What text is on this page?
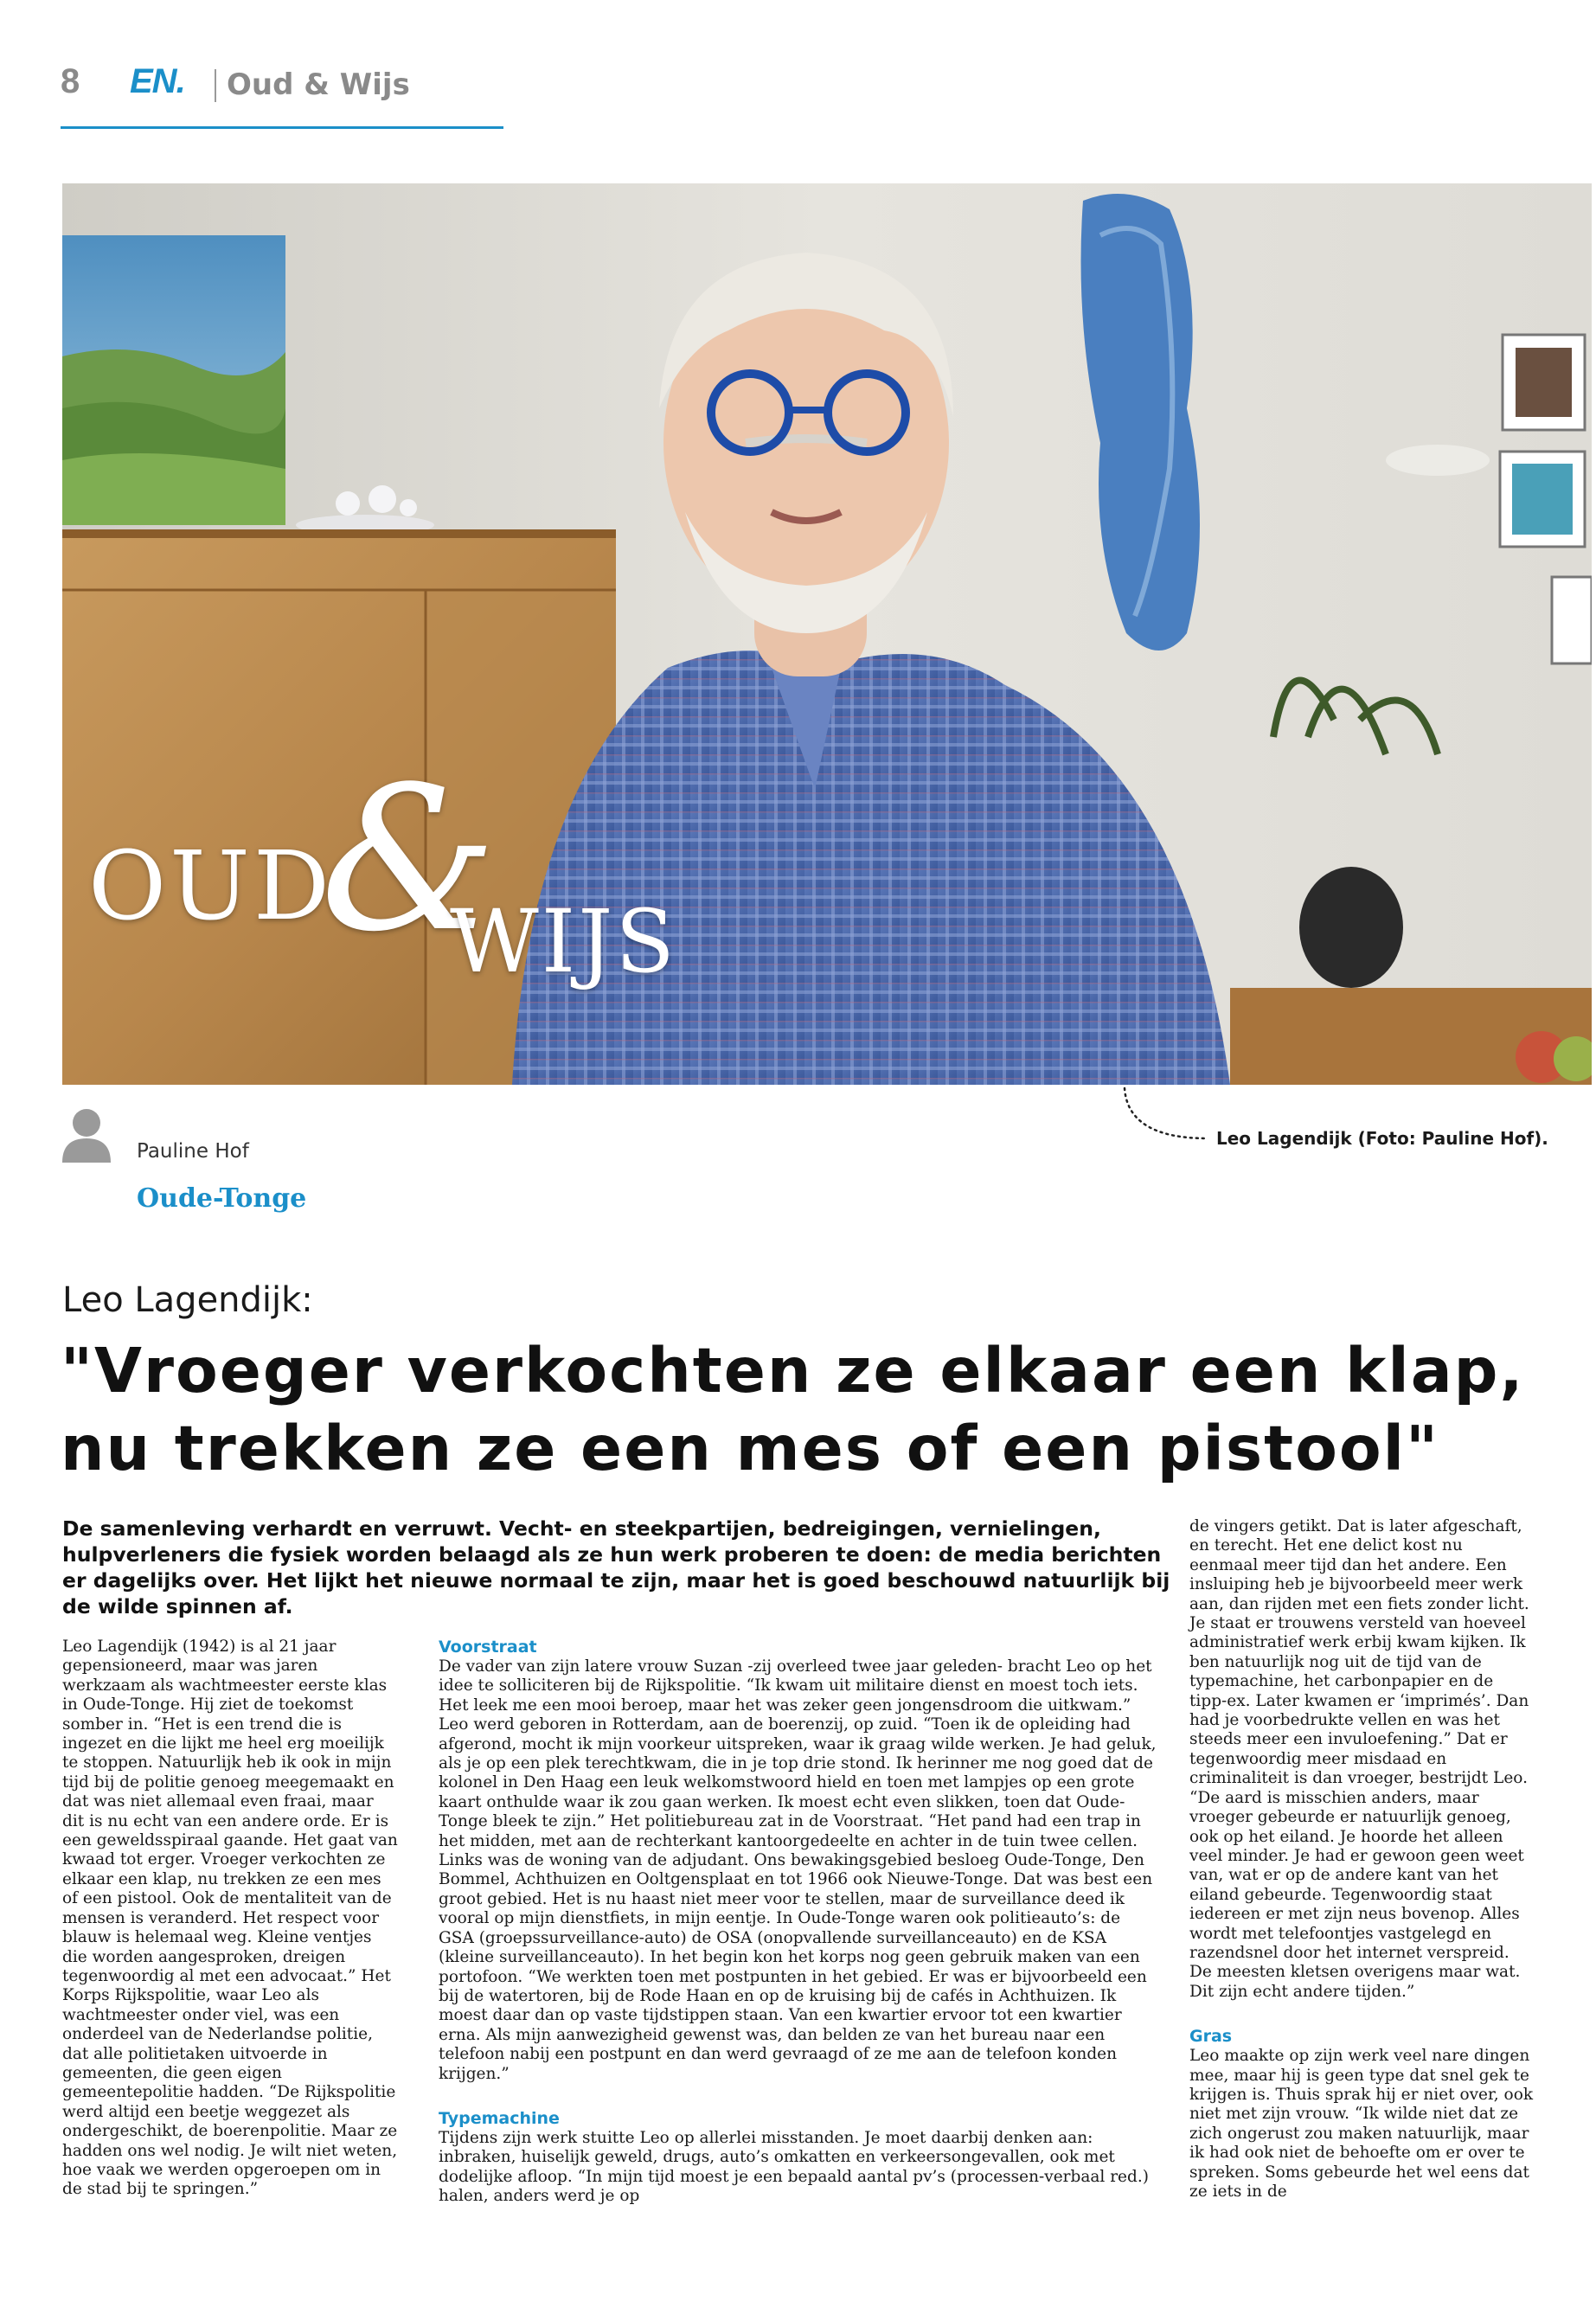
8 EN. Oud & Wijs
OUD
&
WIJS
Pauline Hof
Oude-Tonge
Leo Lagendijk (Foto: Pauline Hof).
Leo Lagendijk:
"Vroeger verkochten ze elkaar een klap,
nu trekken ze een mes of een pistool"
De samenleving verhardt en verruwt. Vecht- en steekpartijen, bedreigingen, vernielingen, hulpverleners die fysiek worden belaagd als ze hun werk proberen te doen: de media berichten er dagelijks over. Het lijkt het nieuwe normaal te zijn, maar het is goed beschouwd natuurlijk bij de wilde spinnen af.

Leo Lagendijk (1942) is al 21 jaar gepensioneerd, maar was jaren werkzaam als wachtmeester eerste klas in Oude-Tonge. Hij ziet de toekomst somber in. “Het is een trend die is ingezet en die lijkt me heel erg moeilijk te stoppen. Natuurlijk heb ik ook in mijn tijd bij de politie genoeg meegemaakt en dat was niet allemaal even fraai, maar dit is nu echt van een andere orde. Er is een geweldsspiraal gaande. Het gaat van kwaad tot erger. Vroeger verkochten ze elkaar een klap, nu trekken ze een mes of een pistool. Ook de mentaliteit van de mensen is veranderd. Het respect voor blauw is helemaal weg. Kleine ventjes die worden aangesproken, dreigen tegenwoordig al met een advocaat.” Het Korps Rijkspolitie, waar Leo als wachtmeester onder viel, was een onderdeel van de Nederlandse politie, dat alle politietaken uitvoerde in gemeenten, die geen eigen gemeentepolitie hadden. “De Rijkspolitie werd altijd een beetje weggezet als ondergeschikt, de boerenpolitie. Maar ze hadden ons wel nodig. Je wilt niet weten, hoe vaak we werden opgeroepen om in de stad bij te springen.”

Voorstraat

De vader van zijn latere vrouw Suzan -zij overleed twee jaar geleden- bracht Leo op het idee te solliciteren bij de Rijkspolitie. “Ik kwam uit militaire dienst en moest toch iets. Het leek me een mooi beroep, maar het was zeker geen jongensdroom die uitkwam.” Leo werd geboren in Rotterdam, aan de boerenzij, op zuid. “Toen ik de opleiding had afgerond, mocht ik mijn voorkeur uitspreken, waar ik graag wilde werken. Je had geluk, als je op een plek terechtkwam, die in je top drie stond. Ik herinner me nog goed dat de kolonel in Den Haag een leuk welkomstwoord hield en toen met lampjes op een grote kaart onthulde waar ik zou gaan werken. Ik moest echt even slikken, toen dat Oude-Tonge bleek te zijn.” Het politiebureau zat in de Voorstraat. “Het pand had een trap in het midden, met aan de rechterkant kantoorgedeelte en achter in de tuin twee cellen. Links was de woning van de adjudant. Ons bewakingsgebied besloeg Oude-Tonge, Den Bommel, Achthuizen en Ooltgensplaat en tot 1966 ook Nieuwe-Tonge. Dat was best een groot gebied. Het is nu haast niet meer voor te stellen, maar de surveillance deed ik vooral op mijn dienstfiets, in mijn eentje. In Oude-Tonge waren ook politieauto’s: de GSA (groepssurveillance-auto) de OSA (onopvallende surveillanceauto) en de KSA (kleine surveillanceauto). In het begin kon het korps nog geen gebruik maken van een portofoon. “We werkten toen met postpunten in het gebied. Er was er bijvoorbeeld een bij de watertoren, bij de Rode Haan en op de kruising bij de cafés in Achthuizen. Ik moest daar dan op vaste tijdstippen staan. Van een kwartier ervoor tot een kwartier erna. Als mijn aanwezigheid gewenst was, dan belden ze van het bureau naar een telefoon nabij een postpunt en dan werd gevraagd of ze me aan de telefoon konden krijgen.”

Typemachine

Tijdens zijn werk stuitte Leo op allerlei misstanden. Je moet daarbij denken aan: inbraken, huiselijk geweld, drugs, auto’s omkatten en verkeersongevallen, ook met dodelijke afloop. “In mijn tijd moest je een bepaald aantal pv’s (processen-verbaal red.) halen, anders werd je op

de vingers getikt. Dat is later afgeschaft, en terecht. Het ene delict kost nu eenmaal meer tijd dan het andere. Een insluiping heb je bijvoorbeeld meer werk aan, dan rijden met een fiets zonder licht. Je staat er trouwens versteld van hoeveel administratief werk erbij kwam kijken. Ik ben natuurlijk nog uit de tijd van de typemachine, het carbonpapier en de tipp-ex. Later kwamen er ‘imprimés’. Dan had je voorbedrukte vellen en was het steeds meer een invuloefening.” Dat er tegenwoordig meer misdaad en criminaliteit is dan vroeger, bestrijdt Leo. “De aard is misschien anders, maar vroeger gebeurde er natuurlijk genoeg, ook op het eiland. Je hoorde het alleen veel minder. Je had er gewoon geen weet van, wat er op de andere kant van het eiland gebeurde. Tegenwoordig staat iedereen er met zijn neus bovenop. Alles wordt met telefoontjes vastgelegd en razendsnel door het internet verspreid. De meesten kletsen overigens maar wat. Dit zijn echt andere tijden.”

Gras

Leo maakte op zijn werk veel nare dingen mee, maar hij is geen type dat snel gek te krijgen is. Thuis sprak hij er niet over, ook niet met zijn vrouw. “Ik wilde niet dat ze zich ongerust zou maken natuurlijk, maar ik had ook niet de behoefte om er over te spreken. Soms gebeurde het wel eens dat ze iets in de
